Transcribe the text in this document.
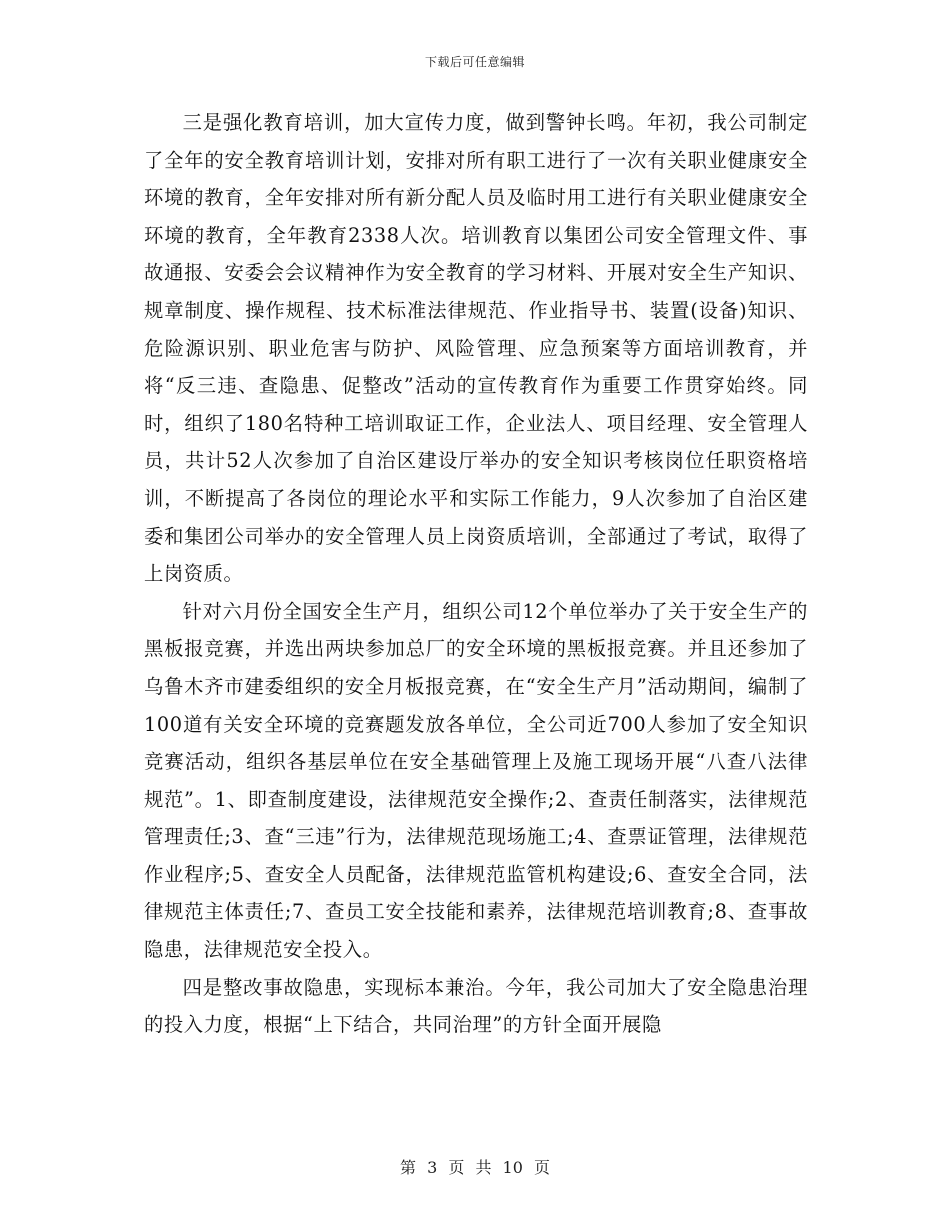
下载后可任意编辑

三是强化教育培训，加大宣传力度，做到警钟长鸣。年初，我公司制定了全年的安全教育培训计划，安排对所有职工进行了一次有关职业健康安全环境的教育，全年安排对所有新分配人员及临时用工进行有关职业健康安全环境的教育，全年教育2338人次。培训教育以集团公司安全管理文件、事故通报、安委会会议精神作为安全教育的学习材料、开展对安全生产知识、规章制度、操作规程、技术标准法律规范、作业指导书、装置(设备)知识、危险源识别、职业危害与防护、风险管理、应急预案等方面培训教育，并将“反三违、查隐患、促整改”活动的宣传教育作为重要工作贯穿始终。同时，组织了180名特种工培训取证工作，企业法人、项目经理、安全管理人员，共计52人次参加了自治区建设厅举办的安全知识考核岗位任职资格培训，不断提高了各岗位的理论水平和实际工作能力，9人次参加了自治区建委和集团公司举办的安全管理人员上岗资质培训，全部通过了考试，取得了上岗资质。

针对六月份全国安全生产月，组织公司12个单位举办了关于安全生产的黑板报竞赛，并选出两块参加总厂的安全环境的黑板报竞赛。并且还参加了乌鲁木齐市建委组织的安全月板报竞赛，在“安全生产月”活动期间，编制了100道有关安全环境的竞赛题发放各单位，全公司近700人参加了安全知识竞赛活动，组织各基层单位在安全基础管理上及施工现场开展“八查八法律规范”。1、即查制度建设，法律规范安全操作;2、查责任制落实，法律规范管理责任;3、查“三违”行为，法律规范现场施工;4、查票证管理，法律规范作业程序;5、查安全人员配备，法律规范监管机构建设;6、查安全合同，法律规范主体责任;7、查员工安全技能和素养，法律规范培训教育;8、查事故隐患，法律规范安全投入。

四是整改事故隐患，实现标本兼治。今年，我公司加大了安全隐患治理的投入力度，根据“上下结合，共同治理”的方针全面开展隐

第 3 页 共 10 页
